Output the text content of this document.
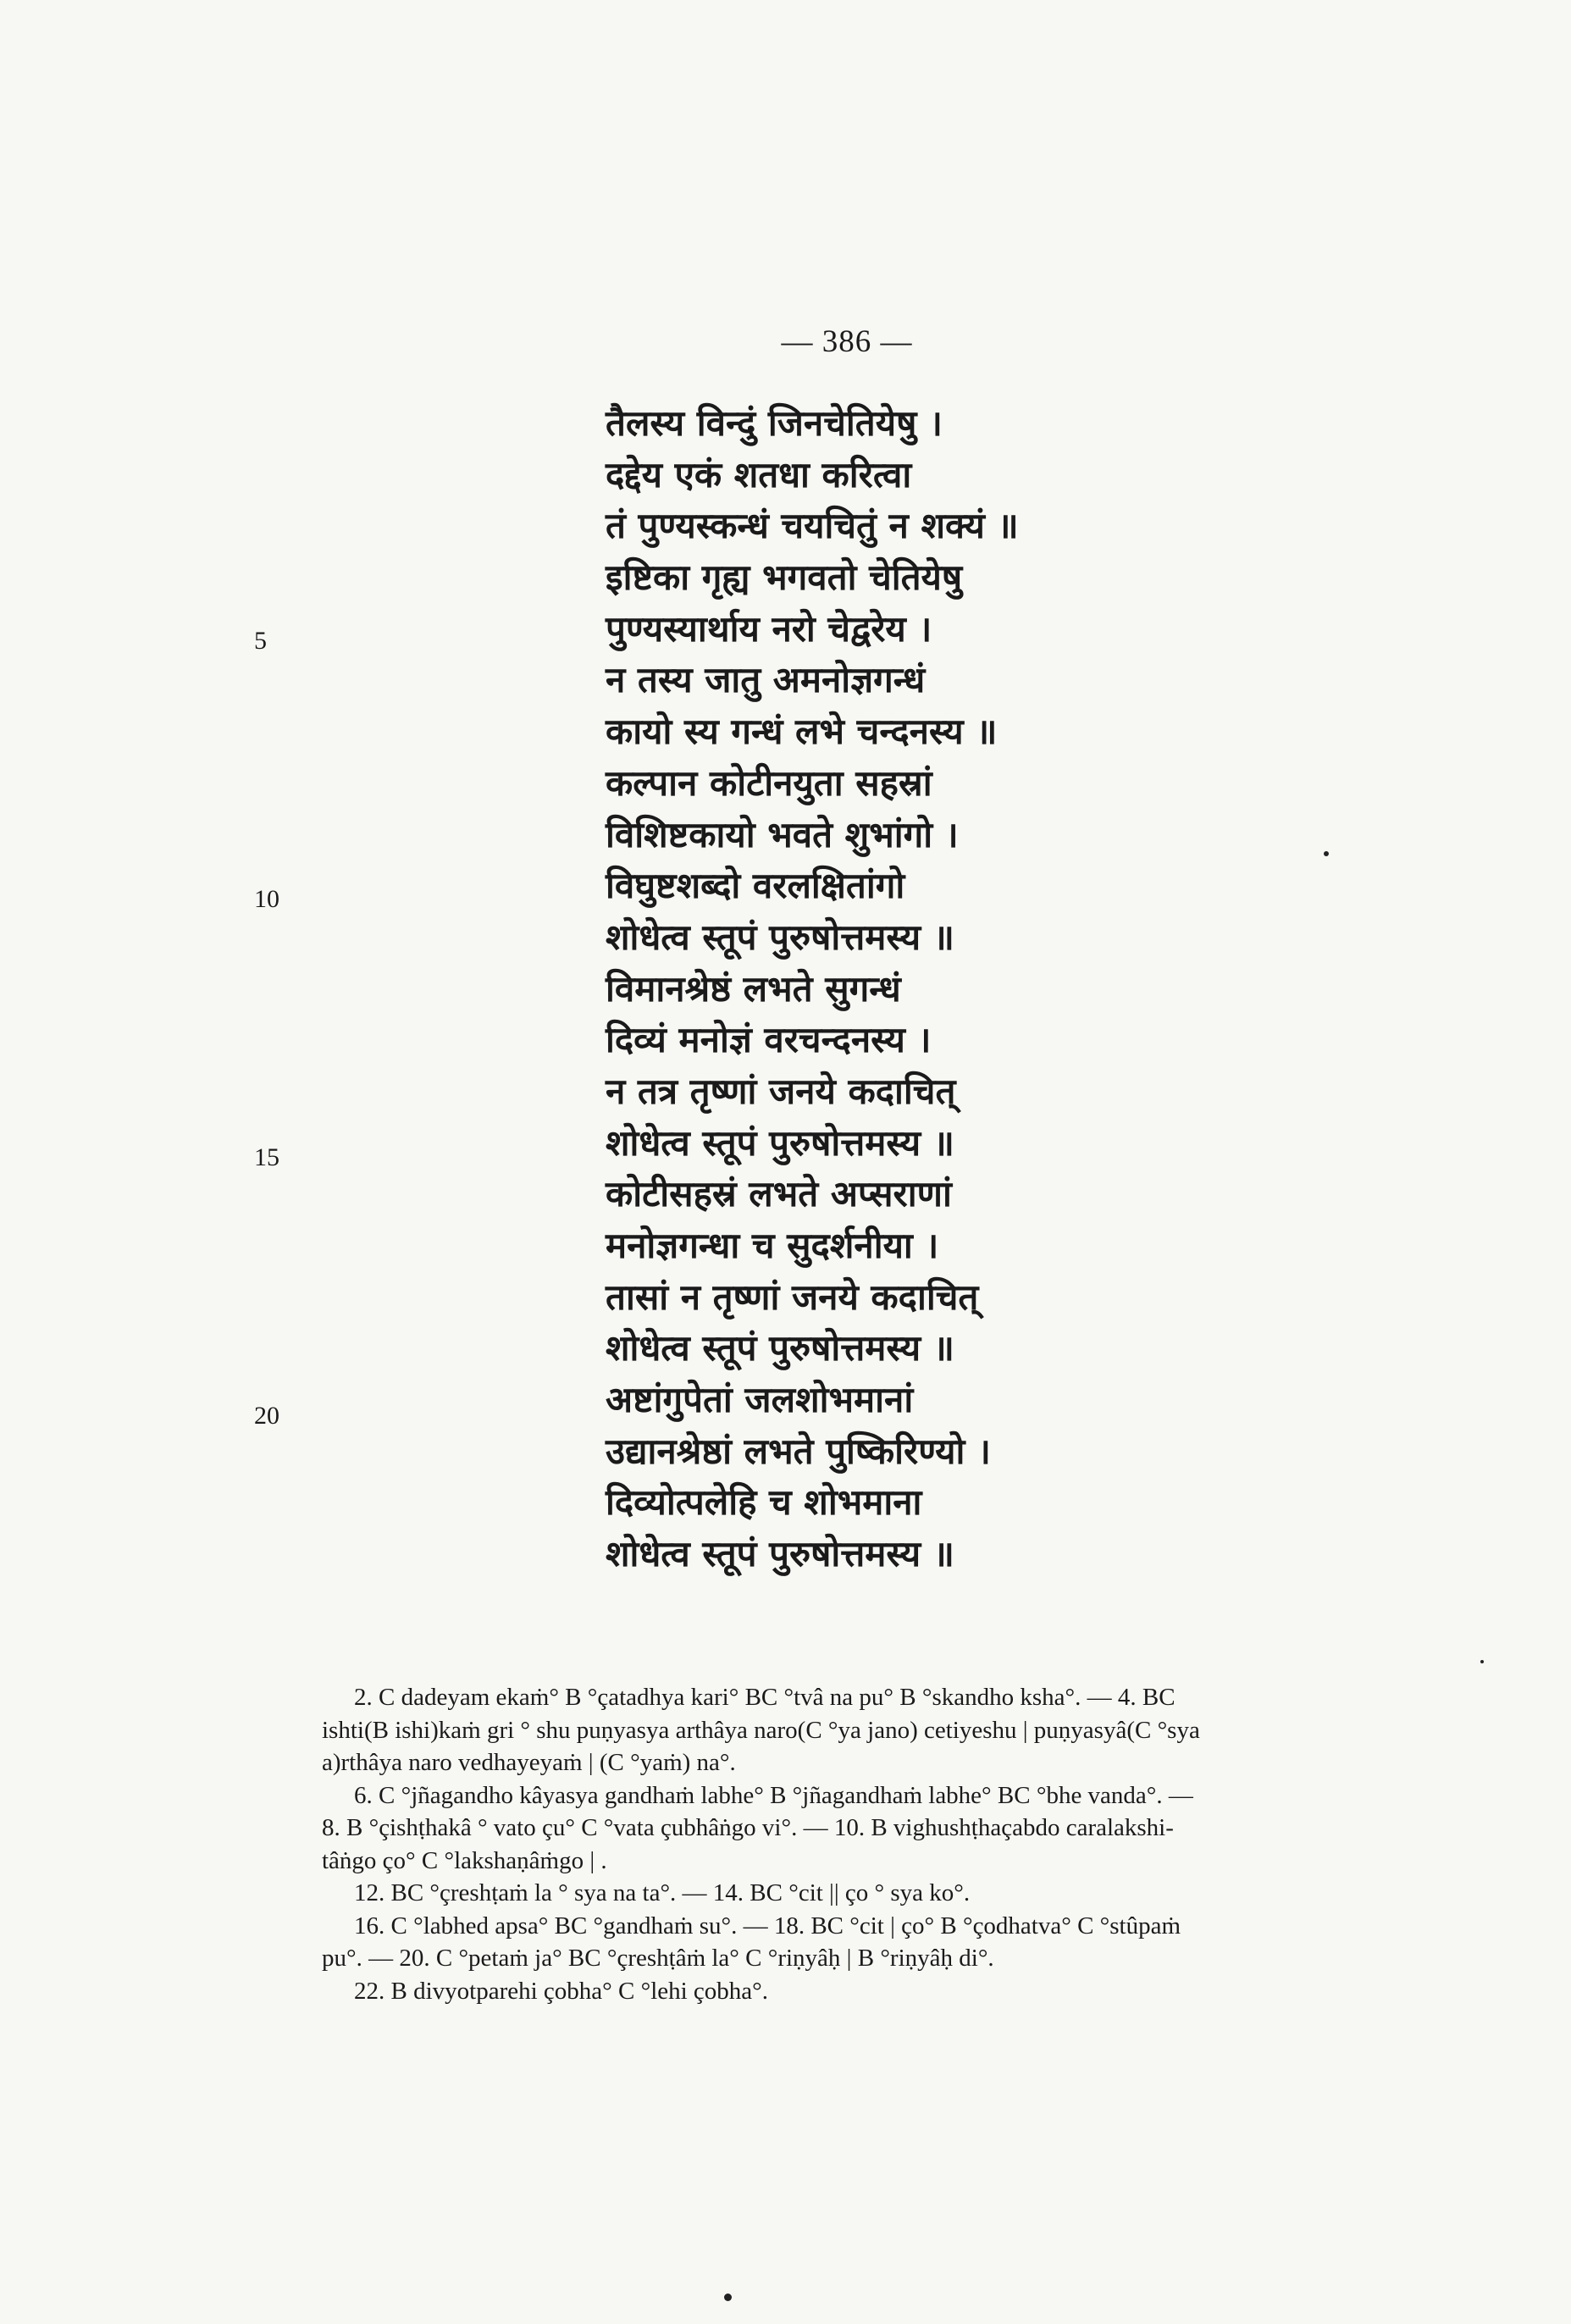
— 386 —
तैलस्य विन्दुं जिनचेतियेषु ।
दद्देय एकं शतधा करित्वा
तं पुण्यस्कन्धं चयचितुं न शक्यं ॥
इष्टिका गृह्य भगवतो चेतियेषु
पुण्यस्यार्थाय नरो चेद्वरेय ।
न तस्य जातु अमनोज्ञगन्धं
कायो स्य गन्धं लभे चन्दनस्य ॥
कल्पान कोटीनयुता सहस्रां
विशिष्टकायो भवते शुभांगो ।
विघुष्टशब्दो वरलक्षितांगो
शोधेत्व स्तूपं पुरुषोत्तमस्य ॥
विमानश्रेष्ठं लभते सुगन्धं
दिव्यं मनोज्ञं वरचन्दनस्य ।
न तत्र तृष्णां जनये कदाचित्
शोधेत्व स्तूपं पुरुषोत्तमस्य ॥
कोटीसहस्रं लभते अप्सराणां
मनोज्ञगन्धा च सुदर्शनीया ।
तासां न तृष्णां जनये कदाचित्
शोधेत्व स्तूपं पुरुषोत्तमस्य ॥
अष्टांगुपेतां जलशोभमानां
उद्यानश्रेष्ठां लभते पुष्किरिण्यो ।
दिव्योत्पलेहि च शोभमाना
शोधेत्व स्तूपं पुरुषोत्तमस्य ॥
5
10
15
20
2. C dadeyam ekaṁ° B °çatadhya kari° BC °tvâ na pu° B °skandho ksha°. — 4. BC
ishti(B ishi)kaṁ gri ° shu puṇyasya arthâya naro(C °ya jano) cetiyeshu | puṇyasyâ(C °sya
a)rthâya naro vedhayeyaṁ | (C °yaṁ) na°.
6. C °jñagandho kâyasya gandhaṁ labhe° B °jñagandhaṁ labhe° BC °bhe vanda°. —
8. B °çishṭhakâ ° vato çu° C °vata çubhâṅgo vi°. — 10. B vighushṭhaçabdo caralakshi-
tâṅgo ço° C °lakshaṇâṁgo | .
12. BC °çreshṭaṁ la ° sya na ta°. — 14. BC °cit || ço ° sya ko°.
16. C °labhed apsa° BC °gandhaṁ su°. — 18. BC °cit | ço° B °çodhatva° C °stûpaṁ
pu°. — 20. C °petaṁ ja° BC °çreshṭâṁ la° C °riṇyâḥ | B °riṇyâḥ di°.
22. B divyotparehi çobha° C °lehi çobha°.
